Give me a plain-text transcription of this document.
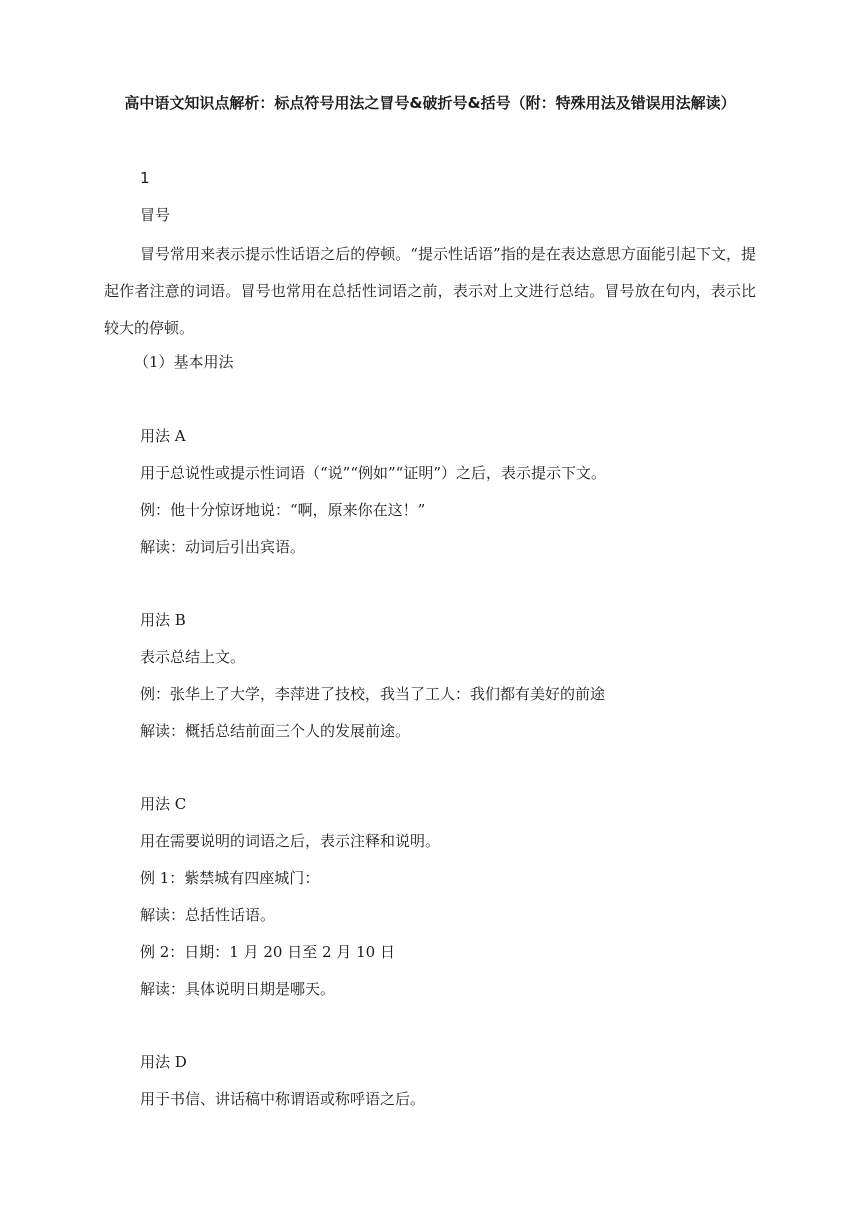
高中语文知识点解析：标点符号用法之冒号&破折号&括号（附：特殊用法及错误用法解读）
1
冒号
冒号常用来表示提示性话语之后的停顿。“提示性话语”指的是在表达意思方面能引起下文，提起作者注意的词语。冒号也常用在总括性词语之前，表示对上文进行总结。冒号放在句内，表示比较大的停顿。
（1）基本用法
用法 A
用于总说性或提示性词语（“说”“例如”“证明”）之后，表示提示下文。
例：他十分惊讶地说：“啊，原来你在这！”
解读：动词后引出宾语。
用法 B
表示总结上文。
例：张华上了大学，李萍进了技校，我当了工人：我们都有美好的前途
解读：概括总结前面三个人的发展前途。
用法 C
用在需要说明的词语之后，表示注释和说明。
例 1：紫禁城有四座城门：
解读：总括性话语。
例 2：日期：1 月 20 日至 2 月 10 日
解读：具体说明日期是哪天。
用法 D
用于书信、讲话稿中称谓语或称呼语之后。
